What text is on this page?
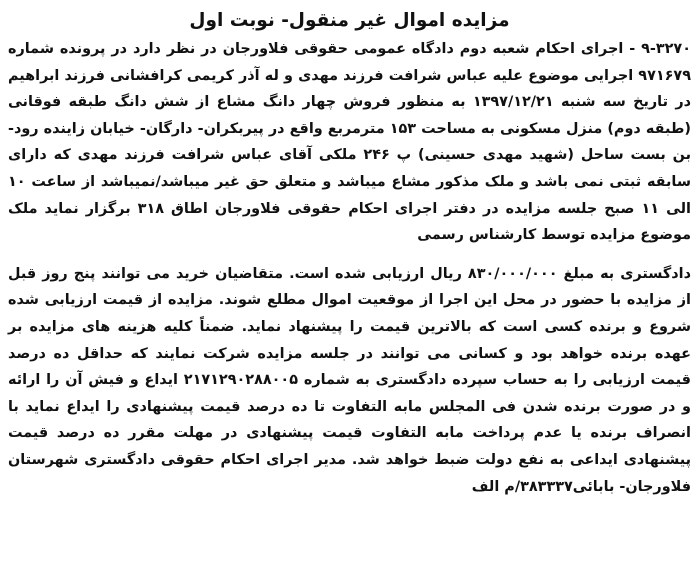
مزایده اموال غیر منقول- نوبت اول

۹-۳۲۷۰ - اجرای احکام شعبه دوم دادگاه عمومی حقوقی فلاورجان در نظر دارد در پرونده شماره ۹۷۱۶۷۹ اجرایی موضوع علیه عباس شرافت فرزند مهدی و له آذر کریمی کرافشانی فرزند ابراهیم در تاریخ سه شنبه ۱۳۹۷/۱۲/۲۱ به منظور فروش چهار دانگ مشاع از شش دانگ طبقه فوقانی (طبقه دوم) منزل مسکونی به مساحت ۱۵۳ مترمربع واقع در پیربکران- دارگان- خیابان زاینده رود- بن بست ساحل (شهید مهدی حسینی) پ ۲۴۶ ملکی آقای عباس شرافت فرزند مهدی که دارای سابقه ثبتی نمی باشد و ملک مذکور مشاع میباشد و متعلق حق غیر میباشد/نمیباشد از ساعت ۱۰ الی ۱۱ صبح جلسه مزایده در دفتر اجرای احکام حقوقی فلاورجان اطاق ۳۱۸ برگزار نماید ملک موضوع مزایده توسط کارشناس رسمی

دادگستری به مبلغ ۸۳۰/۰۰۰/۰۰۰ ریال ارزیابی شده است. متقاضیان خرید می توانند پنج روز قبل از مزایده با حضور در محل این اجرا از موقعیت اموال مطلع شوند. مزایده از قیمت ارزیابی شده شروع و برنده کسی است که بالاترین قیمت را پیشنهاد نماید. ضمناً کلیه هزینه های مزایده بر عهده برنده خواهد بود و کسانی می توانند در جلسه مزایده شرکت نمایند که حداقل ده درصد قیمت ارزیابی را به حساب سپرده دادگستری به شماره ۲۱۷۱۲۹۰۲۸۸۰۰۵ ایداع و فیش آن را ارائه و در صورت برنده شدن فی المجلس مابه التفاوت تا ده درصد قیمت پیشنهادی را ایداع نماید با انصراف برنده یا عدم پرداخت مابه التفاوت قیمت پیشنهادی در مهلت مقرر ده درصد قیمت پیشنهادی ایداعی به نفع دولت ضبط خواهد شد. مدیر اجرای احکام حقوقی دادگستری شهرستان فلاورجان- بابائی۳۸۳۳۳۷/م الف
